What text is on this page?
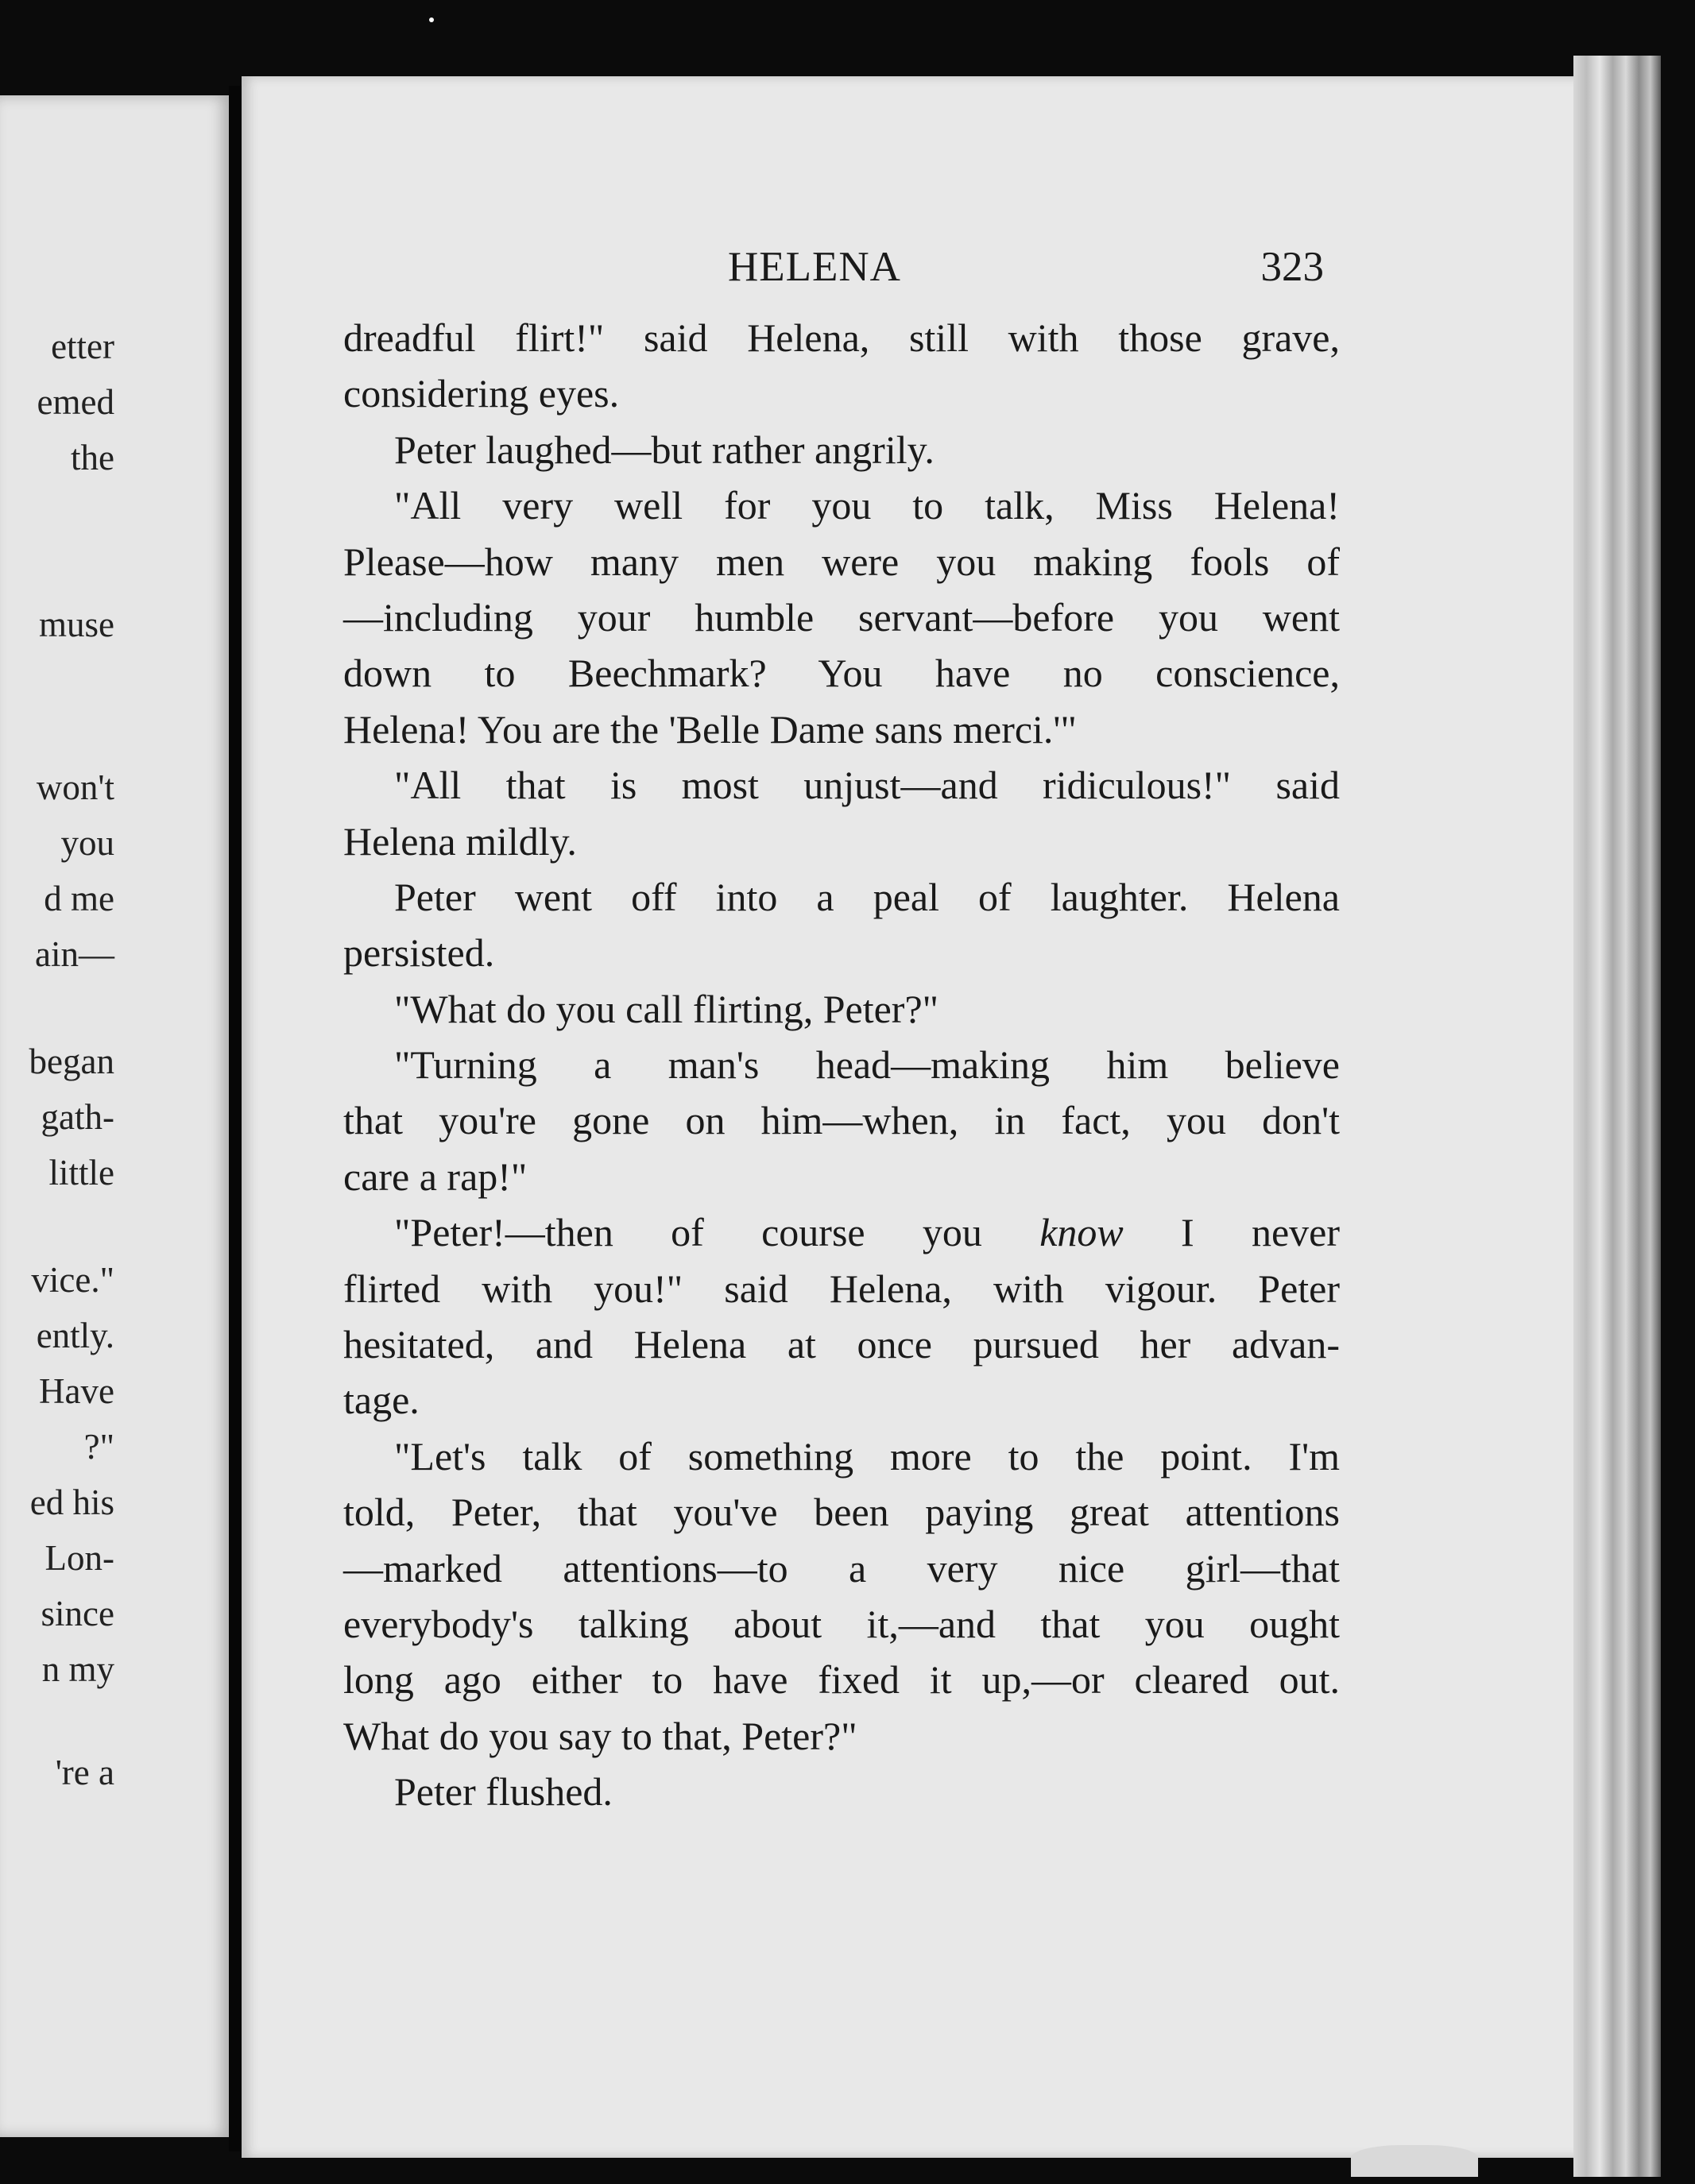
etter
emed
the
muse
won't
you
d me
ain—
began
gath-
little
vice."
ently.
Have
?"
ed his
Lon-
since
n my
're a
HELENA	323
dreadful flirt!" said Helena, still with those grave,
considering eyes.
Peter laughed—but rather angrily.
"All very well for you to talk, Miss Helena!
Please—how many men were you making fools of
—including your humble servant—before you went
down to Beechmark? You have no conscience,
Helena! You are the 'Belle Dame sans merci.'"
"All that is most unjust—and ridiculous!" said
Helena mildly.
Peter went off into a peal of laughter. Helena
persisted.
"What do you call flirting, Peter?"
"Turning a man's head—making him believe
that you're gone on him—when, in fact, you don't
care a rap!"
"Peter!—then of course you know I never
flirted with you!" said Helena, with vigour. Peter
hesitated, and Helena at once pursued her advan-
tage.
"Let's talk of something more to the point. I'm
told, Peter, that you've been paying great attentions
—marked attentions—to a very nice girl—that
everybody's talking about it,—and that you ought
long ago either to have fixed it up,—or cleared out.
What do you say to that, Peter?"
Peter flushed.
